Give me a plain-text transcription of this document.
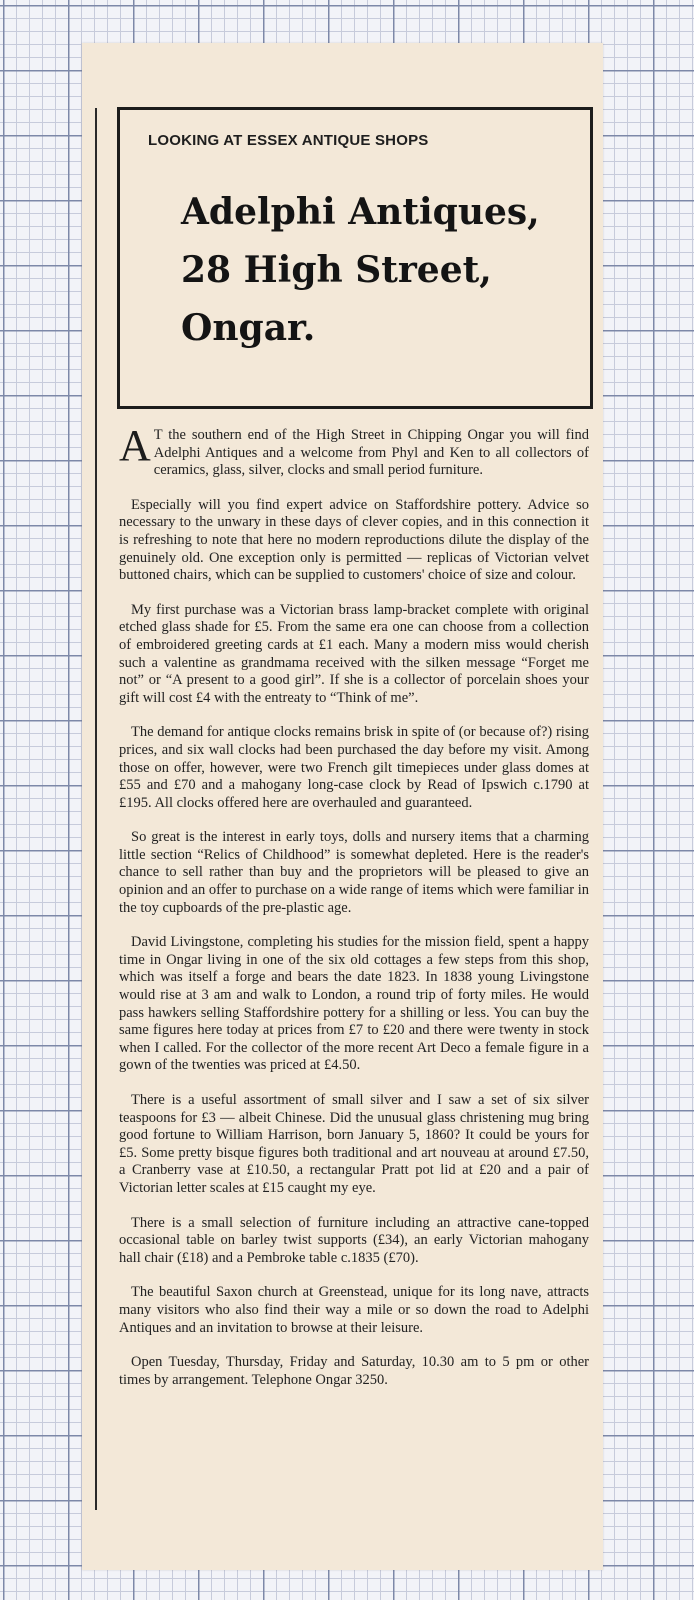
LOOKING AT ESSEX ANTIQUE SHOPS
Adelphi Antiques,
28 High Street,
Ongar.

A T the southern end of the High Street in Chipping Ongar you will find Adelphi Antiques and a welcome from Phyl and Ken to all collectors of ceramics, glass, silver, clocks and small period furniture.

Especially will you find expert advice on Staffordshire pottery. Advice so necessary to the unwary in these days of clever copies, and in this connection it is refreshing to note that here no modern reproductions dilute the display of the genuinely old. One exception only is permitted — replicas of Victorian velvet buttoned chairs, which can be supplied to customers' choice of size and colour.

My first purchase was a Victorian brass lamp-bracket complete with original etched glass shade for £5. From the same era one can choose from a collection of embroidered greeting cards at £1 each. Many a modern miss would cherish such a valentine as grandmama received with the silken message “Forget me not” or “A present to a good girl”. If she is a collector of porcelain shoes your gift will cost £4 with the entreaty to “Think of me”.

The demand for antique clocks remains brisk in spite of (or because of?) rising prices, and six wall clocks had been purchased the day before my visit. Among those on offer, however, were two French gilt timepieces under glass domes at £55 and £70 and a mahogany long-case clock by Read of Ipswich c.1790 at £195. All clocks offered here are overhauled and guaranteed.

So great is the interest in early toys, dolls and nursery items that a charming little section “Relics of Childhood” is somewhat depleted. Here is the reader's chance to sell rather than buy and the proprietors will be pleased to give an opinion and an offer to purchase on a wide range of items which were familiar in the toy cupboards of the pre-plastic age.

David Livingstone, completing his studies for the mission field, spent a happy time in Ongar living in one of the six old cottages a few steps from this shop, which was itself a forge and bears the date 1823. In 1838 young Livingstone would rise at 3 am and walk to London, a round trip of forty miles. He would pass hawkers selling Staffordshire pottery for a shilling or less. You can buy the same figures here today at prices from £7 to £20 and there were twenty in stock when I called. For the collector of the more recent Art Deco a female figure in a gown of the twenties was priced at £4.50.

There is a useful assortment of small silver and I saw a set of six silver teaspoons for £3 — albeit Chinese. Did the unusual glass christening mug bring good fortune to William Harrison, born January 5, 1860? It could be yours for £5. Some pretty bisque figures both traditional and art nouveau at around £7.50, a Cranberry vase at £10.50, a rectangular Pratt pot lid at £20 and a pair of Victorian letter scales at £15 caught my eye.

There is a small selection of furniture including an attractive cane-topped occasional table on barley twist supports (£34), an early Victorian mahogany hall chair (£18) and a Pembroke table c.1835 (£70).

The beautiful Saxon church at Greenstead, unique for its long nave, attracts many visitors who also find their way a mile or so down the road to Adelphi Antiques and an invitation to browse at their leisure.

Open Tuesday, Thursday, Friday and Saturday, 10.30 am to 5 pm or other times by arrangement. Telephone Ongar 3250.
